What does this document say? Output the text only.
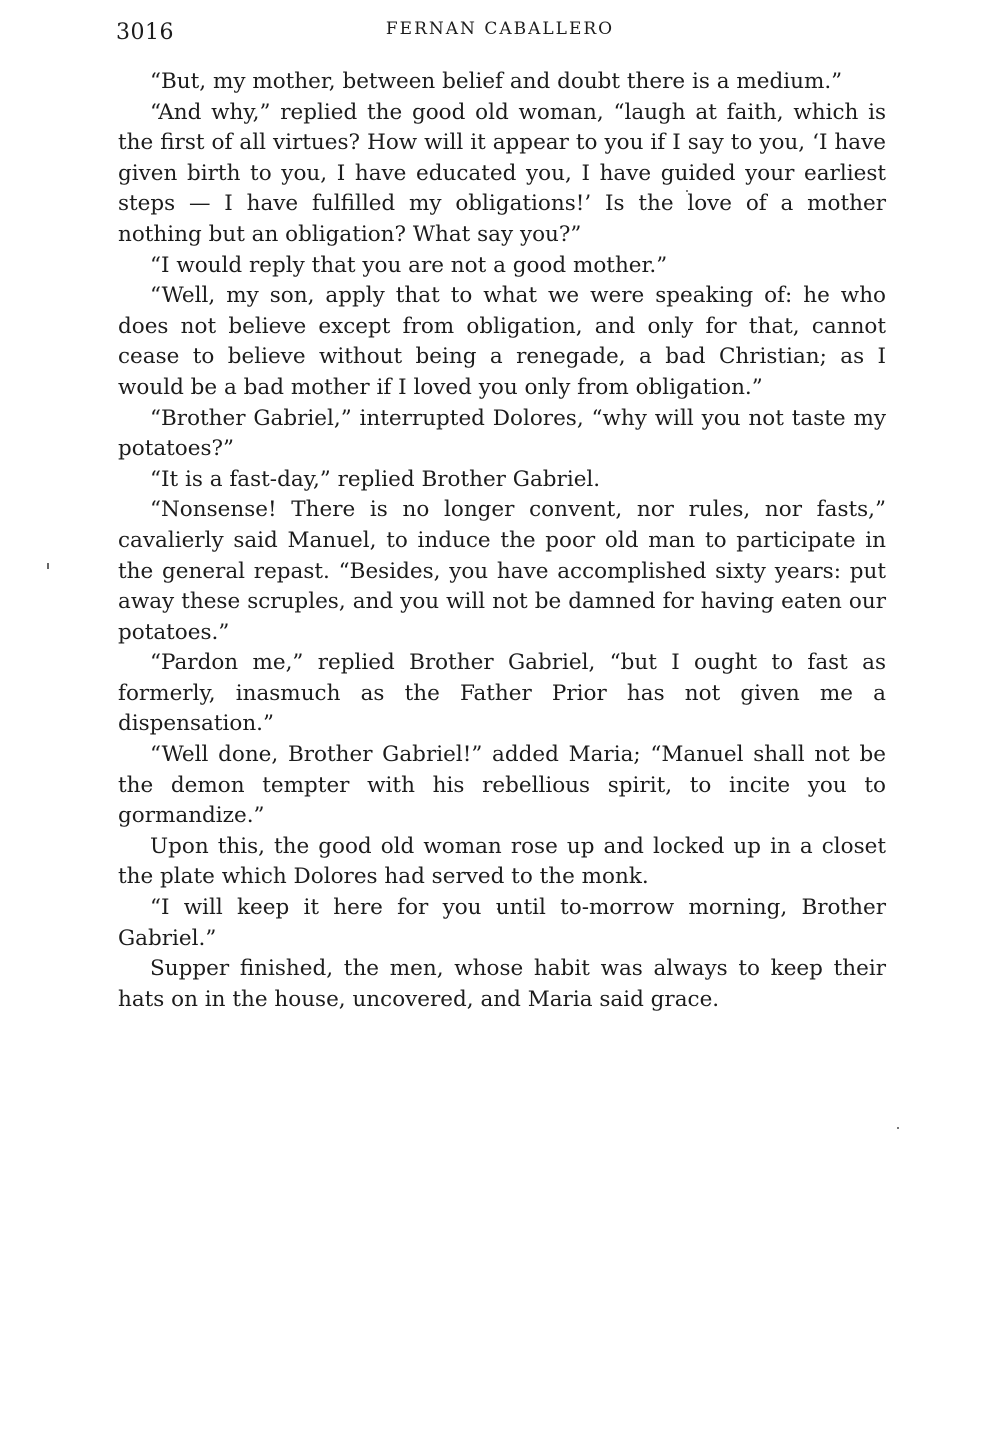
3016	FERNAN CABALLERO

“But, my mother, between belief and doubt there is a medium.”

“And why,” replied the good old woman, “laugh at faith, which is the first of all virtues? How will it appear to you if I say to you, ‘I have given birth to you, I have educated you, I have guided your earliest steps — I have fulfilled my obligations!’ Is the love of a mother nothing but an obligation? What say you?”

“I would reply that you are not a good mother.”

“Well, my son, apply that to what we were speaking of: he who does not believe except from obligation, and only for that, cannot cease to believe without being a renegade, a bad Christian; as I would be a bad mother if I loved you only from obligation.”

“Brother Gabriel,” interrupted Dolores, “why will you not taste my potatoes?”

“It is a fast-day,” replied Brother Gabriel.

“Nonsense! There is no longer convent, nor rules, nor fasts,” cavalierly said Manuel, to induce the poor old man to participate in the general repast. “Besides, you have accomplished sixty years: put away these scruples, and you will not be damned for having eaten our potatoes.”

“Pardon me,” replied Brother Gabriel, “but I ought to fast as formerly, inasmuch as the Father Prior has not given me a dispensation.”

“Well done, Brother Gabriel!” added Maria; “Manuel shall not be the demon tempter with his rebellious spirit, to incite you to gormandize.”

Upon this, the good old woman rose up and locked up in a closet the plate which Dolores had served to the monk.

“I will keep it here for you until to-morrow morning, Brother Gabriel.”

Supper finished, the men, whose habit was always to keep their hats on in the house, uncovered, and Maria said grace.
